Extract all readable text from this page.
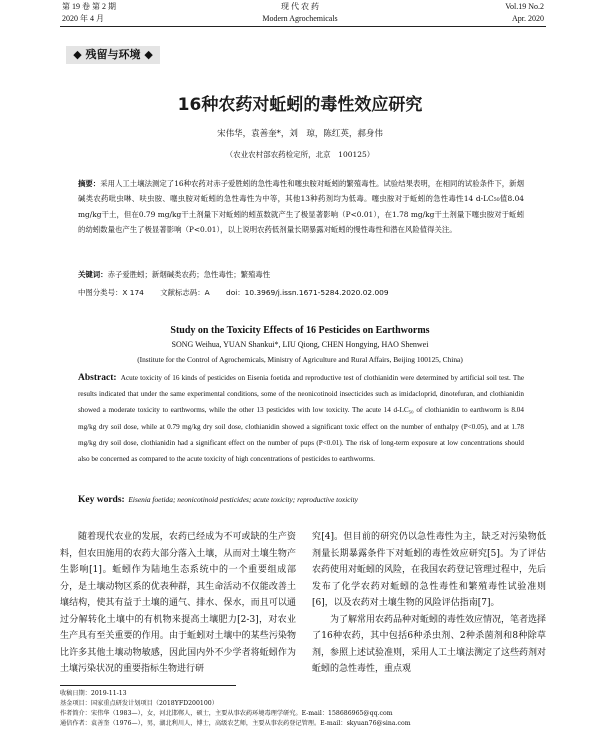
第 19 卷 第 2 期
2020 年 4 月
现 代 农 药
Modern Agrochemicals
Vol.19 No.2
Apr. 2020
◆ 残留与环境 ◆
16种农药对蚯蚓的毒性效应研究
宋伟华，袁善奎*，刘　琼，陈红英，郝身伟
（农业农村部农药检定所，北京　100125）
摘要：采用人工土壤法测定了16种农药对赤子爱胜蚓的急性毒性和噻虫胺对蚯蚓的繁殖毒性。试验结果表明，在相同的试验条件下，新烟碱类农药吡虫啉、呋虫胺、噻虫胺对蚯蚓的急性毒性为中等，其他13种药剂均为低毒。噻虫胺对于蚯蚓的急性毒性14 d-LC₅₀值8.04 mg/kg干土，但在0.79 mg/kg干土剂量下对蚯蚓的蚓茧数就产生了极显著影响（P<0.01），在1.78 mg/kg干土剂量下噻虫胺对于蚯蚓的幼蚓数量也产生了极显著影响（P<0.01），以上说明农药低剂量长期暴露对蚯蚓的慢性毒性和潜在风险值得关注。
关键词：赤子爱胜蚓；新烟碱类农药；急性毒性；繁殖毒性
中图分类号：X 174 文献标志码：A doi：10.3969/j.issn.1671-5284.2020.02.009
Study on the Toxicity Effects of 16 Pesticides on Earthworms
SONG Weihua, YUAN Shankui*, LIU Qiong, CHEN Hongying, HAO Shenwei
(Institute for the Control of Agrochemicals, Ministry of Agriculture and Rural Affairs, Beijing 100125, China)
Abstract: Acute toxicity of 16 kinds of pesticides on Eisenia foetida and reproductive test of clothianidin were determined by artificial soil test. The results indicated that under the same experimental conditions, some of the neonicotinoid insecticides such as imidacloprid, dinotefuran, and clothianidin showed a moderate toxicity to earthworms, while the other 13 pesticides with low toxicity. The acute 14 d-LC₅₀ of clothianidin to earthworm is 8.04 mg/kg dry soil dose, while at 0.79 mg/kg dry soil dose, clothianidin showed a significant toxic effect on the number of enthalpy (P<0.05), and at 1.78 mg/kg dry soil dose, clothianidin had a significant effect on the number of pups (P<0.01). The risk of long-term exposure at low concentrations should also be concerned as compared to the acute toxicity of high concentrations of pesticides to earthworms.
Key words: Eisenia foetida; neonicotinoid pesticides; acute toxicity; reproductive toxicity

随着现代农业的发展，农药已经成为不可或缺的生产资料，但农田施用的农药大部分落入土壤，从而对土壤生物产生影响[1]。蚯蚓作为陆地生态系统中的一个重要组成部分，是土壤动物区系的优表种群，其生命活动不仅能改善土壤结构，使其有益于土壤的通气、排水、保水，而且可以通过分解转化土壤中的有机物来提高土壤肥力[2-3]，对农业生产具有至关重要的作用。由于蚯蚓对土壤中的某些污染物比许多其他土壤动物敏感，因此国内外不少学者将蚯蚓作为土壤污染状况的重要指标生物进行研

究[4]。但目前的研究仍以急性毒性为主，缺乏对污染物低剂量长期暴露条件下对蚯蚓的毒性效应研究[5]。为了评估农药使用对蚯蚓的风险，在我国农药登记管理过程中，先后发布了化学农药对蚯蚓的急性毒性和繁殖毒性试验准则[6]，以及农药对土壤生物的风险评估指南[7]。

为了解常用农药品种对蚯蚓的毒性效应情况，笔者选择了16种农药，其中包括6种杀虫剂、2种杀菌剂和8种除草剂，参照上述试验准则，采用人工土壤法测定了这些药剂对蚯蚓的急性毒性，重点观

收稿日期：2019-11-13
基金项目：国家重点研发计划项目（2018YFD200100）
作者简介：宋伟华（1983—），女，河北邯郸人，硕士，主要从事农药环境毒理学研究。E-mail：158686965@qq.com
通信作者：袁善奎（1976—），男，湖北利川人，博士，高级农艺师，主要从事农药登记管理。E-mail：skyuan76@sina.com
